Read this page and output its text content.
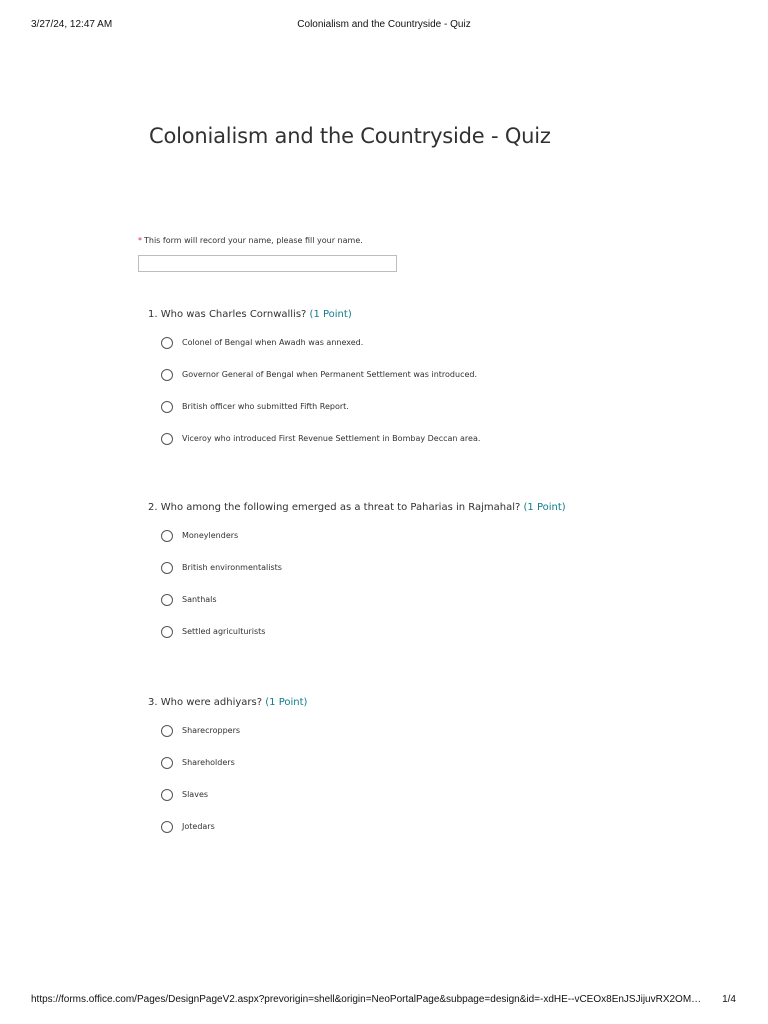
3/27/24, 12:47 AM	Colonialism and the Countryside - Quiz
Colonialism and the Countryside - Quiz
* This form will record your name, please fill your name.
1. Who was Charles Cornwallis? (1 Point)
Colonel of Bengal when Awadh was annexed.
Governor General of Bengal when Permanent Settlement was introduced.
British officer who submitted Fifth Report.
Viceroy who introduced First Revenue Settlement in Bombay Deccan area.
2. Who among the following emerged as a threat to Paharias in Rajmahal? (1 Point)
Moneylenders
British environmentalists
Santhals
Settled agriculturists
3. Who were adhiyars? (1 Point)
Sharecroppers
Shareholders
Slaves
Jotedars
https://forms.office.com/Pages/DesignPageV2.aspx?prevorigin=shell&origin=NeoPortalPage&subpage=design&id=-xdHE--vCEOx8EnJSJijuvRX2OM…	1/4
